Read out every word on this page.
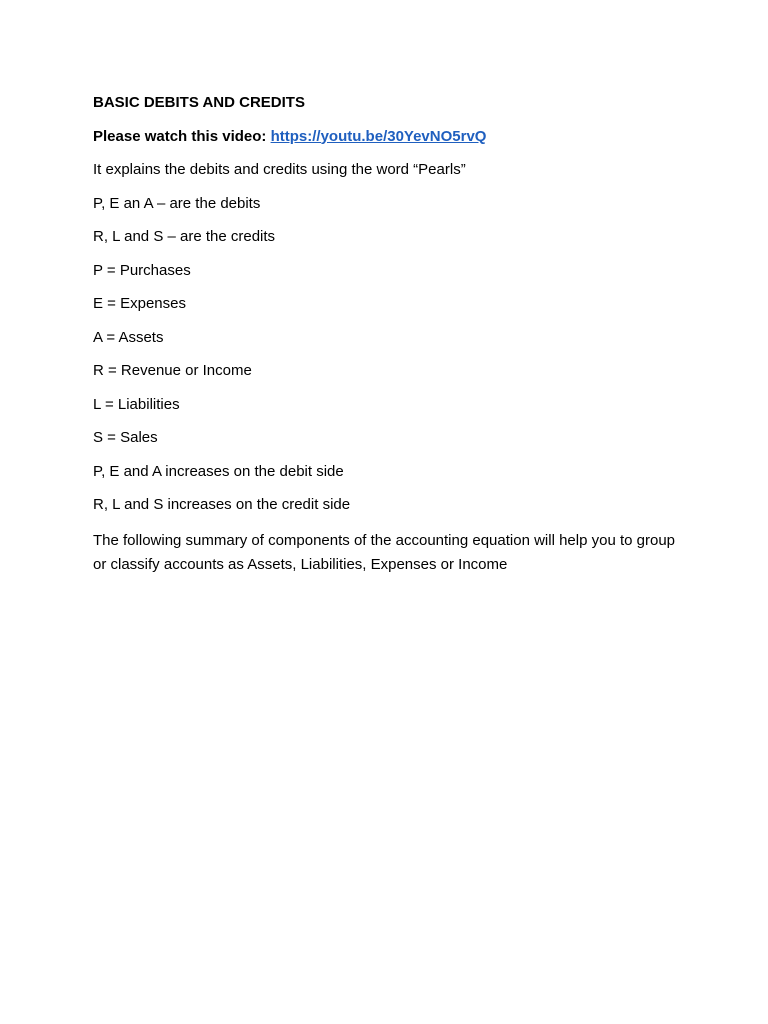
BASIC DEBITS AND CREDITS
Please watch this video: https://youtu.be/30YevNO5rvQ
It explains the debits and credits using the word “Pearls”
P, E an A – are the debits
R, L and S – are the credits
P = Purchases
E = Expenses
A = Assets
R = Revenue or Income
L = Liabilities
S = Sales
P, E and A increases on the debit side
R, L and S increases on the credit side

The following summary of components of the accounting equation will help you to group or classify accounts as Assets, Liabilities, Expenses or Income
